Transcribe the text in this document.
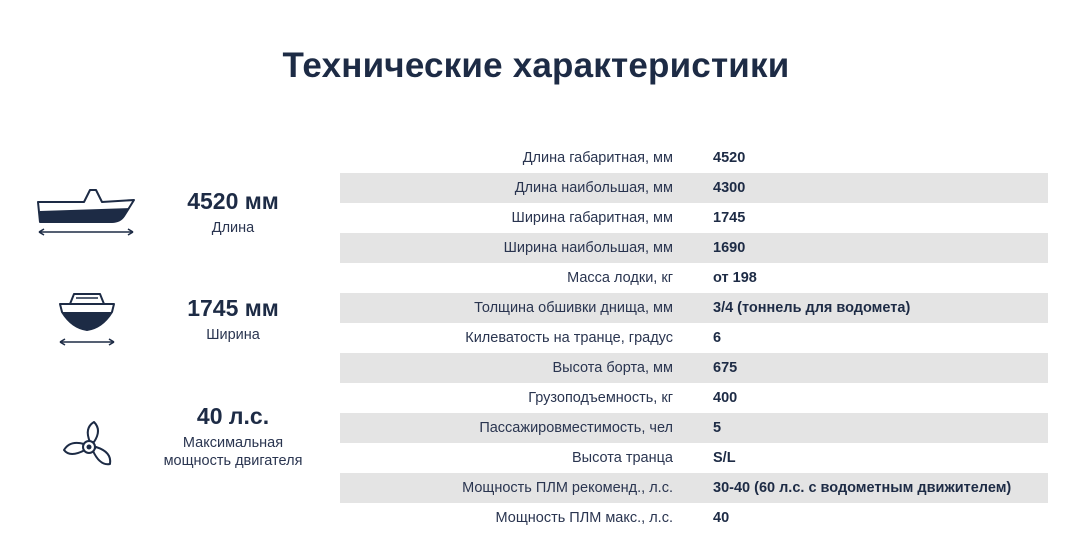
Технические характеристики
4520 мм
Длина
1745 мм
Ширина
40 л.с.
Максимальная мощность двигателя
Длина габаритная, мм	4520
Длина наибольшая, мм	4300
Ширина габаритная, мм	1745
Ширина наибольшая, мм	1690
Масса лодки, кг	от 198
Толщина обшивки днища, мм	3/4 (тоннель для водомета)
Килеватость на транце, градус	6
Высота борта, мм	675
Грузоподъемность, кг	400
Пассажировместимость, чел	5
Высота транца	S/L
Мощность ПЛМ рекоменд., л.с.	30-40 (60 л.с. с водометным движителем)
Мощность ПЛМ макс., л.с.	40
